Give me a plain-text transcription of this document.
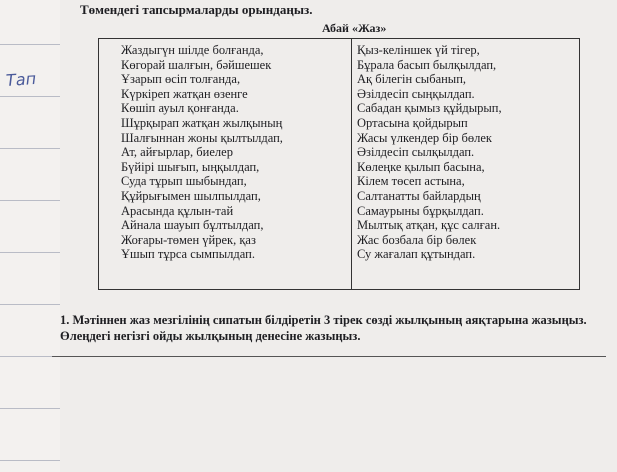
Тап
Төмендегі тапсырмаларды орындаңыз.
Абай «Жаз»
Жаздыгүн шілде болғанда,
Көгорай шалғын, бәйшешек
Ұзарып өсіп толғанда,
Күркіреп жатқан өзенге
Көшіп ауыл қонғанда.
Шұрқырап жатқан жылқының
Шалғыннан жоны қылтылдап,
Ат, айғырлар, биелер
Бүйірі шығып, ыңқылдап,
Суда тұрып шыбындап,
Құйрығымен шылпылдап,
Арасында құлын-тай
Айнала шауып бұлтылдап,
Жоғары-төмен үйрек, қаз
Ұшып тұрса сымпылдап.
Қыз-келіншек үй тігер,
Бұрала басып былқылдап,
Ақ білегін сыбанып,
Әзілдесіп сыңқылдап.
Сабадан қымыз құйдырып,
Ортасына қойдырып
Жасы үлкендер бір бөлек
Әзілдесіп сылқылдап.
Көлеңке қылып басына,
Кілем төсеп астына,
Салтанатты байлардың
Самаурыны бұрқылдап.
Мылтық атқан, құс салған.
Жас бозбала бір бөлек
Су жағалап құтындап.
1. Мәтіннен жаз мезгілінің сипатын білдіретін 3 тірек сөзді жылқының аяқтарына жазыңыз.
Өлеңдегі негізгі ойды жылқының денесіне жазыңыз.
